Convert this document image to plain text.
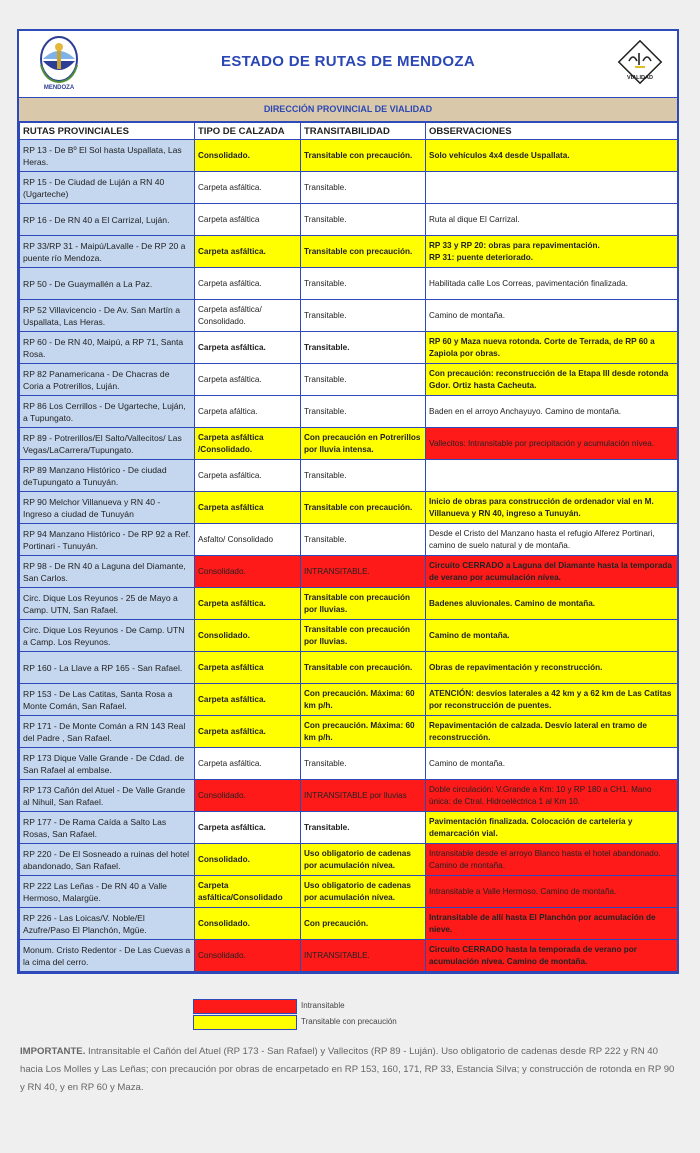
MENDOZA
ESTADO DE RUTAS DE MENDOZA
VIALIDAD
DIRECCIÓN PROVINCIAL DE VIALIDAD
RUTAS PROVINCIALES	TIPO DE CALZADA	TRANSITABILIDAD	OBSERVACIONES
RP 13 - De Bº El Sol hasta Uspallata, Las Heras.	Consolidado.	Transitable con precaución.	Solo vehículos 4x4 desde Uspallata.
RP 15 - De Ciudad de Luján a RN 40 (Ugarteche)	Carpeta asfáltica.	Transitable.	
RP 16 - De RN 40 a El Carrizal, Luján.	Carpeta asfáltica	Transitable.	Ruta al dique El Carrizal.
RP 33/RP 31 - Maipú/Lavalle - De RP 20 a puente río Mendoza.	Carpeta asfáltica.	Transitable con precaución.	RP 33 y RP 20: obras para repavimentación.
RP 31: puente deteriorado.
RP 50 - De Guaymallén a La Paz.	Carpeta asfáltica.	Transitable.	Habilitada calle Los Correas, pavimentación finalizada.
RP 52 Villavicencio - De Av. San Martín a Uspallata, Las Heras.	Carpeta asfáltica/ Consolidado.	Transitable.	Camino de montaña.
RP 60 - De RN 40, Maipú, a RP 71, Santa Rosa.	Carpeta asfáltica.	Transitable.	RP 60 y Maza nueva rotonda. Corte de Terrada, de RP 60 a Zapiola por obras.
RP 82 Panamericana - De Chacras de Coria a Potrerillos, Luján.	Carpeta asfáltica.	Transitable.	Con precaución: reconstrucción de la Etapa III desde rotonda Gdor. Ortiz hasta Cacheuta.
RP 86 Los Cerrillos - De Ugarteche, Luján, a Tupungato.	Carpeta afáltica.	Transitable.	Baden en el arroyo Anchayuyo. Camino de montaña.
RP 89 - Potrerillos/El Salto/Vallecitos/ Las Vegas/LaCarrera/Tupungato.	Carpeta asfáltica /Consolidado.	Con precaución en Potrerillos por lluvia intensa.	Vallecitos: Intransitable por precipitación y acumulación nívea.
RP 89 Manzano Histórico - De ciudad deTupungato a Tunuyán.	Carpeta asfáltica.	Transitable.	
RP 90 Melchor Villanueva y RN 40 - Ingreso a ciudad de Tunuyán	Carpeta asfáltica	Transitable con precaución.	Inicio de obras para construcción de ordenador vial en M. Villanueva y RN 40, ingreso a Tunuyán.
RP 94 Manzano Histórico - De RP 92 a Ref. Portinari - Tunuyán.	Asfalto/ Consolidado	Transitable.	Desde el Cristo del Manzano hasta el refugio Alferez Portinari, camino de suelo natural y de montaña.
RP 98 - De RN 40 a Laguna del Diamante, San Carlos.	Consolidado.	INTRANSITABLE.	Circuito CERRADO a Laguna del Diamante hasta la temporada de verano por acumulación nívea.
Circ. Dique Los Reyunos - 25 de Mayo a Camp. UTN, San Rafael.	Carpeta asfáltica.	Transitable con precaución por lluvias.	Badenes aluvionales. Camino de montaña.
Circ. Dique Los Reyunos - De Camp. UTN a Camp. Los Reyunos.	Consolidado.	Transitable con precaución por lluvias.	Camino de montaña.
RP 160 - La Llave a RP 165 - San Rafael.	Carpeta asfáltica	Transitable con precaución.	Obras de repavimentación y reconstrucción.
RP 153 - De Las Catitas, Santa Rosa a Monte Comán, San Rafael.	Carpeta asfáltica.	Con precaución. Máxima: 60 km p/h.	ATENCIÓN: desvíos laterales a 42 km y a 62 km de Las Catitas por reconstrucción de puentes.
RP 171 - De Monte Comán a RN 143 Real del Padre , San Rafael.	Carpeta asfáltica.	Con precaución. Máxima: 60 km p/h.	Repavimentación de calzada. Desvío lateral en tramo de reconstrucción.
RP 173 Dique Valle Grande - De Cdad. de San Rafael al embalse.	Carpeta asfáltica.	Transitable.	Camino de montaña.
RP 173 Cañón del Atuel - De Valle Grande al Nihuil, San Rafael.	Consolidado.	INTRANSITABLE por lluvias	Doble circulación: V.Grande a Km: 10 y RP 180 a CH1. Mano única: de Ctral. Hidroeléctrica 1 al Km 10.
RP 177 - De Rama Caída a Salto Las Rosas, San Rafael.	Carpeta asfáltica.	Transitable.	Pavimentación finalizada. Colocación de cartelería y demarcación vial.
RP 220 - De El Sosneado a ruinas del hotel abandonado, San Rafael.	Consolidado.	Uso obligatorio de cadenas por acumulación nívea.	Intransitable desde el arroyo Blanco hasta el hotel abandonado. Camino de montaña.
RP 222 Las Leñas - De RN 40 a Valle Hermoso, Malargüe.	Carpeta asfáltica/Consolidado	Uso obligatorio de cadenas por acumulación nívea.	Intransitable a Valle Hermoso. Camino de montaña.
RP 226 - Las Loicas/V. Noble/El Azufre/Paso El Planchón, Mgüe.	Consolidado.	Con precaución.	Intransitable de allí hasta El Planchón por acumulación de nieve.
Monum. Cristo Redentor - De Las Cuevas a la cima del cerro.	Consolidado.	INTRANSITABLE.	Circuito CERRADO hasta la temporada de verano por acumulación nívea. Camino de montaña.
Intransitable
Transitable con precaución
IMPORTANTE. Intransitable el Cañón del Atuel (RP 173 - San Rafael) y Vallecitos (RP 89 - Luján). Uso obligatorio de cadenas desde RP 222 y RN 40 hacia Los Molles y Las Leñas; con precaución por obras de encarpetado en RP 153, 160, 171, RP 33, Estancia Silva; y construcción de rotonda en RP 90 y RN 40, y en RP 60 y Maza.
